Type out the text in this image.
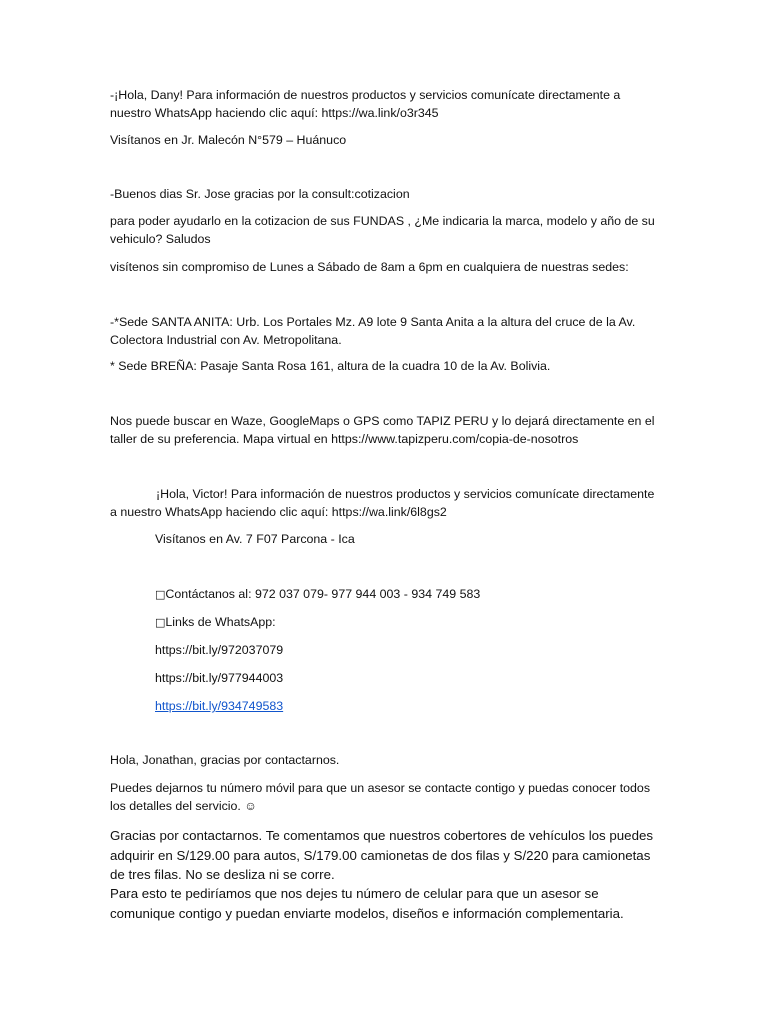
-¡Hola, Dany! Para información de nuestros productos y servicios comunícate directamente a nuestro WhatsApp haciendo clic aquí: https://wa.link/o3r345

Visítanos en Jr. Malecón N°579 – Huánuco

-Buenos dias Sr. Jose gracias por la consult:cotizacion

para poder ayudarlo en la cotizacion de sus FUNDAS , ¿Me indicaria la marca, modelo y año de su vehiculo? Saludos

visítenos sin compromiso de Lunes a Sábado de 8am a 6pm en cualquiera de nuestras sedes:

-*Sede SANTA ANITA: Urb. Los Portales Mz. A9 lote 9 Santa Anita a la altura del cruce de la Av. Colectora Industrial con Av. Metropolitana.

* Sede BREÑA: Pasaje Santa Rosa 161, altura de la cuadra 10 de la Av. Bolivia.

Nos puede buscar en Waze, GoogleMaps o GPS como TAPIZ PERU y lo dejará directamente en el taller de su preferencia. Mapa virtual en https://www.tapizperu.com/copia-de-nosotros

¡Hola, Victor! Para información de nuestros productos y servicios comunícate directamente a nuestro WhatsApp haciendo clic aquí: https://wa.link/6l8gs2

Visítanos en Av. 7 F07 Parcona - Ica

□Contáctanos al: 972 037 079- 977 944 003 - 934 749 583

□Links de WhatsApp:

https://bit.ly/972037079

https://bit.ly/977944003

https://bit.ly/934749583

Hola, Jonathan, gracias por contactarnos.

Puedes dejarnos tu número móvil para que un asesor se contacte contigo y puedas conocer todos los detalles del servicio. ☺

Gracias por contactarnos. Te comentamos que nuestros cobertores de vehículos los puedes adquirir en S/129.00 para autos, S/179.00 camionetas de dos filas y S/220 para camionetas de tres filas. No se desliza ni se corre.

Para esto te pediríamos que nos dejes tu número de celular para que un asesor se comunique contigo y puedan enviarte modelos, diseños e información complementaria.
